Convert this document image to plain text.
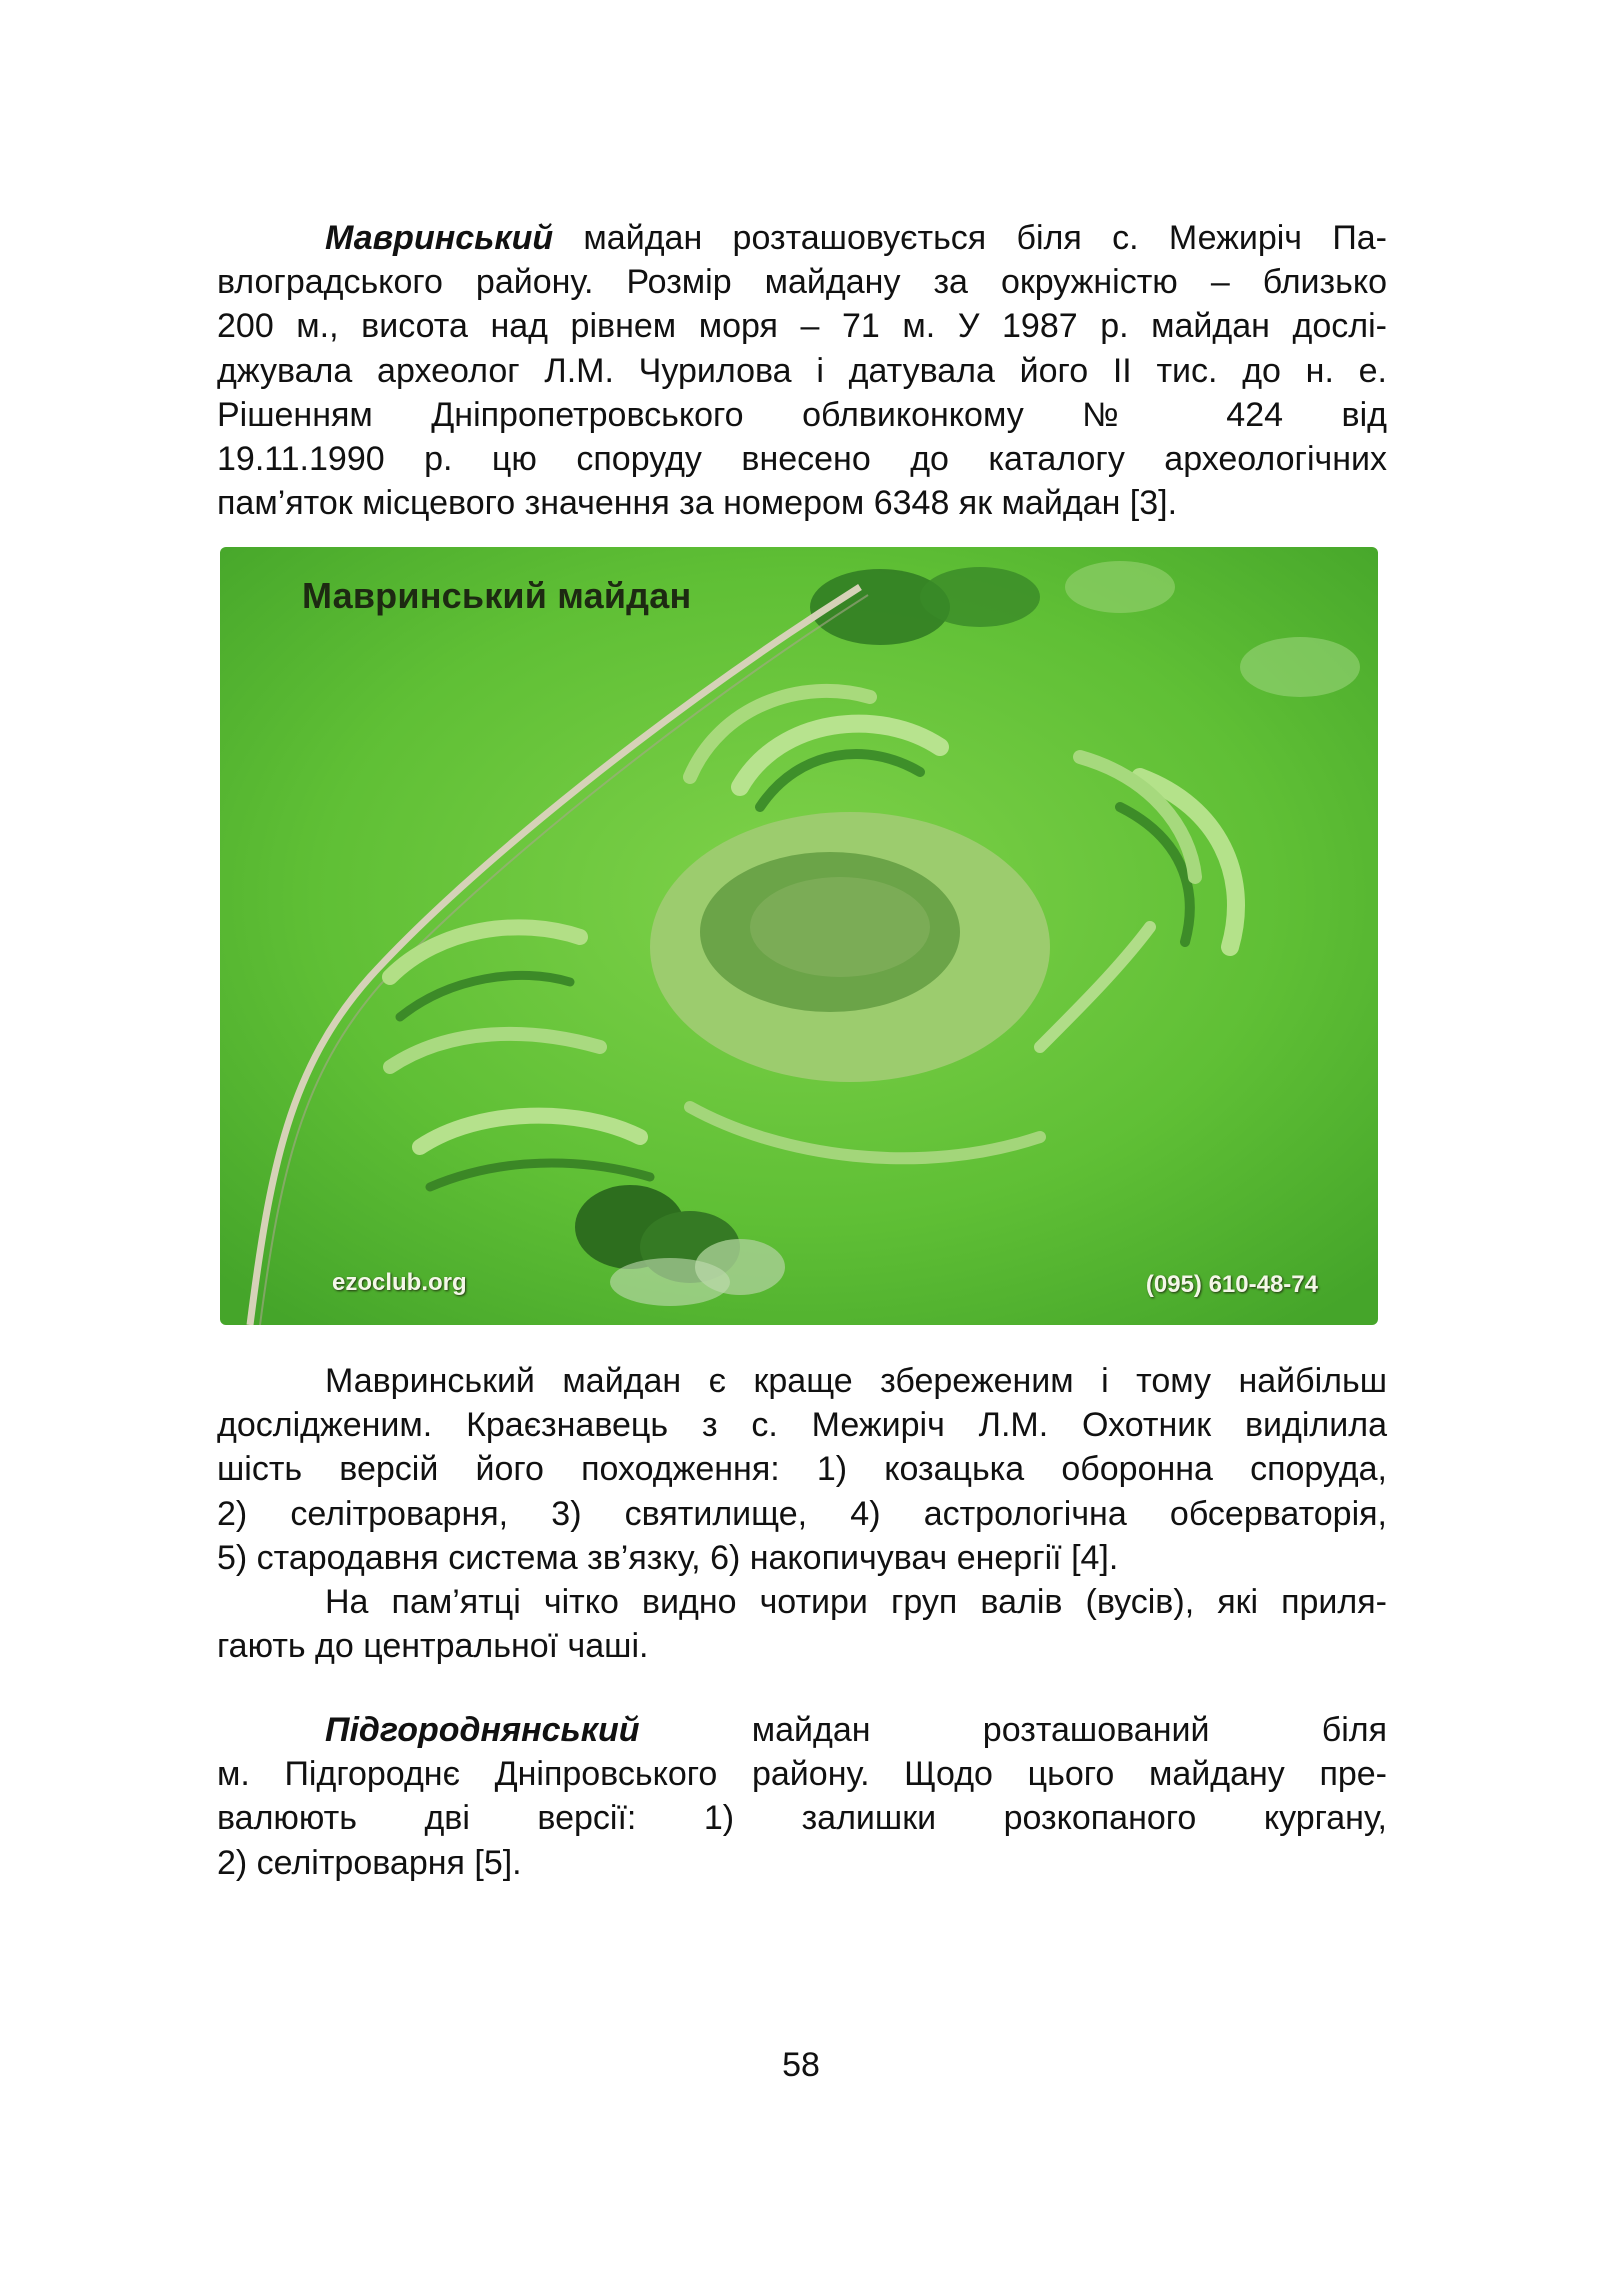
Мавринський майдан розташовується біля с. Межиріч Па-
влоградського району. Розмір майдану за окружністю – близько
200 м., висота над рівнем моря – 71 м. У 1987 р. майдан дослі-
джувала археолог Л.М. Чурилова і датувала його ІІ тис. до н. е.
Рішенням Дніпропетровського облвиконкому № 424 від
19.11.1990 р. цю споруду внесено до каталогу археологічних
пам’яток місцевого значення за номером 6348 як майдан [3].
Мавринський майдан
ezoclub.org	(095) 610-48-74
Мавринський майдан є краще збереженим і тому найбільш
дослідженим. Краєзнавець з с. Межиріч Л.М. Охотник виділила
шість версій його походження: 1) козацька оборонна споруда,
2) селітроварня, 3) святилище, 4) астрологічна обсерваторія,
5) стародавня система зв’язку, 6) накопичувач енергії [4].
На пам’ятці чітко видно чотири груп валів (вусів), які приля-
гають до центральної чаші.
Підгороднянський майдан розташований біля
м. Підгороднє Дніпровського району. Щодо цього майдану пре-
валюють дві версії: 1) залишки розкопаного кургану,
2) селітроварня [5].
58
